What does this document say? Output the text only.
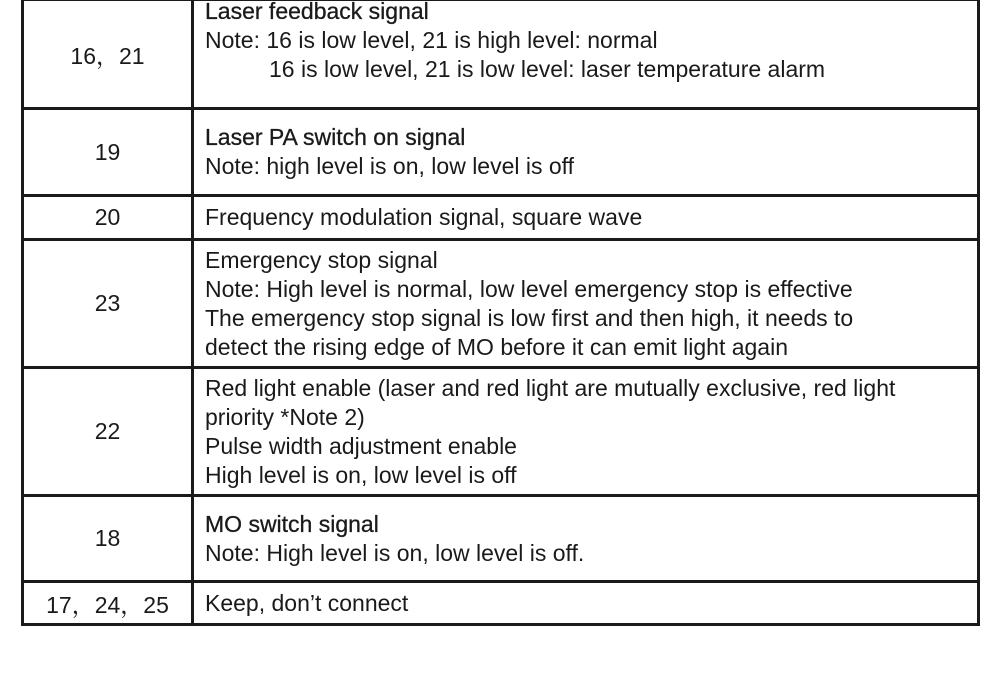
16，21	Laser feedback signal
Note: 16 is low level, 21 is high level: normal
16 is low level, 21 is low level: laser temperature alarm

19	Laser PA switch on signal
Note: high level is on, low level is off

20	Frequency modulation signal, square wave

23	Emergency stop signal
Note: High level is normal, low level emergency stop is effective
The emergency stop signal is low first and then high, it needs to
detect the rising edge of MO before it can emit light again

22	Red light enable (laser and red light are mutually exclusive, red light
priority *Note 2)
Pulse width adjustment enable
High level is on, low level is off

18	MO switch signal
Note: High level is on, low level is off.

17，24，25	Keep, don’t connect
